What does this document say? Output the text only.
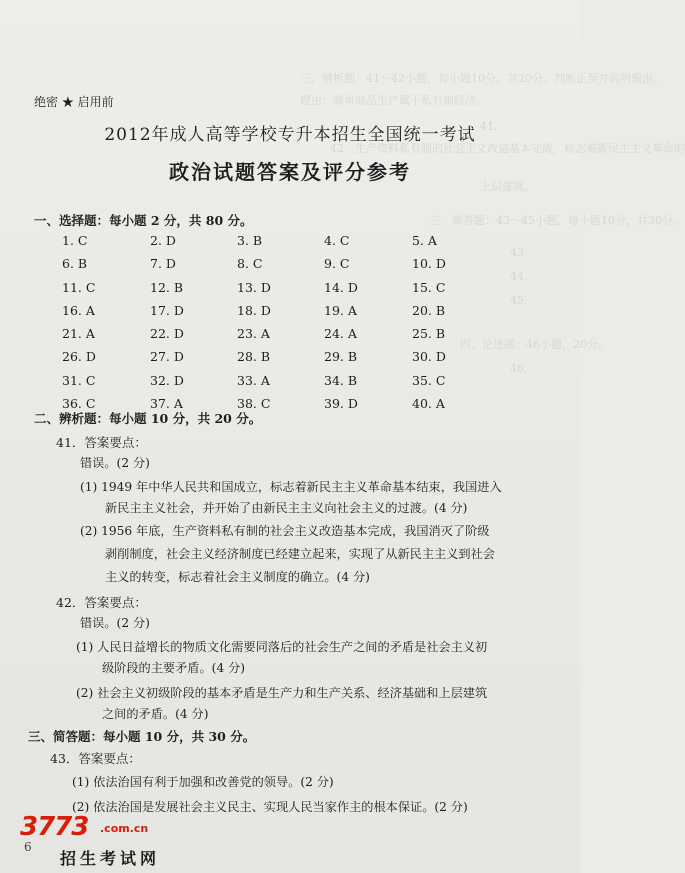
三、辨析题：41～42小题，每小题10分，共20分。判断正误并说明理由。
理由：简单商品生产属于私有制经济。
41．
42．生产资料私有制的社会主义改造基本完成，标志着新民主主义革命的
上层建筑。
三、简答题：43～45小题，每小题10分，共30分。
43．
44．
45．
四、论述题：46小题，20分。
46．
绝密 ★ 启用前
2012年成人高等学校专升本招生全国统一考试
政治试题答案及评分参考
一、选择题：每小题 2 分，共 80 分。
1. C	2. D	3. B	4. C	5. A
6. B	7. D	8. C	9. C	10. D
11. C	12. B	13. D	14. D	15. C
16. A	17. D	18. D	19. A	20. B
21. A	22. D	23. A	24. A	25. B
26. D	27. D	28. B	29. B	30. D
31. C	32. D	33. A	34. B	35. C
36. C	37. A	38. C	39. D	40. A
二、辨析题：每小题 10 分，共 20 分。
41．答案要点：
错误。(2 分)
(1) 1949 年中华人民共和国成立，标志着新民主主义革命基本结束，我国进入
新民主主义社会，并开始了由新民主主义向社会主义的过渡。(4 分)
(2) 1956 年底，生产资料私有制的社会主义改造基本完成，我国消灭了阶级
剥削制度，社会主义经济制度已经建立起来，实现了从新民主主义到社会
主义的转变，标志着社会主义制度的确立。(4 分)
42．答案要点：
错误。(2 分)
(1) 人民日益增长的物质文化需要同落后的社会生产之间的矛盾是社会主义初
级阶段的主要矛盾。(4 分)
(2) 社会主义初级阶段的基本矛盾是生产力和生产关系、经济基础和上层建筑
之间的矛盾。(4 分)
三、简答题：每小题 10 分，共 30 分。
43．答案要点：
(1) 依法治国有利于加强和改善党的领导。(2 分)
(2) 依法治国是发展社会主义民主、实现人民当家作主的根本保证。(2 分)
3773 .com.cn
招生考试网
6
